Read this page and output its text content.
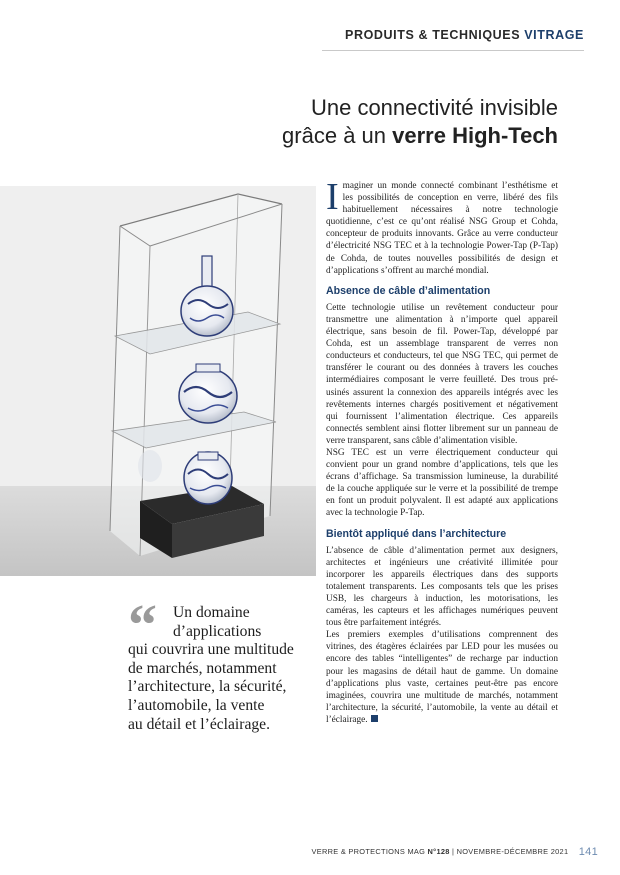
PRODUITS & TECHNIQUES VITRAGE
Une connectivité invisible
grâce à un verre High-Tech
“	Un domaine
d’applications
qui couvrira une multitude
de marchés, notamment
l’architecture, la sécurité,
l’automobile, la vente
au détail et l’éclairage.

Imaginer un monde connecté combinant l’esthétisme et les possibilités de conception en verre, libéré des fils habituellement nécessaires à notre technologie quotidienne, c’est ce qu’ont réalisé NSG Group et Cohda, concepteur de produits innovants. Grâce au verre conducteur d’électricité NSG TEC et à la technologie Power-Tap (P-Tap) de Cohda, de toutes nouvelles possibilités de design et d’applications s’offrent au marché mondial.

Absence de câble d’alimentation

Cette technologie utilise un revêtement conducteur pour transmettre une alimentation à n’importe quel appareil électrique, sans besoin de fil. Power-Tap, développé par Cohda, est un assemblage transparent de verres non conducteurs et conducteurs, tel que NSG TEC, qui permet de transférer le courant ou des données à travers les couches intermédiaires composant le verre feuilleté. Des trous pré-usinés assurent la connexion des appareils intégrés avec les revêtements internes chargés positivement et négativement qui fournissent l’alimentation électrique. Ces appareils connectés semblent ainsi flotter librement sur un panneau de verre transparent, sans câble d’alimentation visible.

NSG TEC est un verre électriquement conducteur qui convient pour un grand nombre d’applications, tels que les écrans d’affichage. Sa transmission lumineuse, la durabilité de la couche appliquée sur le verre et la possibilité de trempe en font un produit polyvalent. Il est adapté aux applications avec la technologie P-Tap.

Bientôt appliqué dans l’architecture

L’absence de câble d’alimentation permet aux designers, architectes et ingénieurs une créativité illimitée pour incorporer les appareils électriques dans des supports totalement transparents. Les composants tels que les prises USB, les chargeurs à induction, les motorisations, les caméras, les capteurs et les affichages numériques peuvent tous être parfaitement intégrés.

Les premiers exemples d’utilisations comprennent des vitrines, des étagères éclairées par LED pour les musées ou encore des tables “intelligentes” de recharge par induction pour les magasins de détail haut de gamme. Un domaine d’applications plus vaste, certaines peut-être pas encore imaginées, couvrira une multitude de marchés, notamment l’architecture, la sécurité, l’automobile, la vente au détail et l’éclairage.

VERRE & PROTECTIONS MAG N°128 | NOVEMBRE-DÉCEMBRE 2021 141
